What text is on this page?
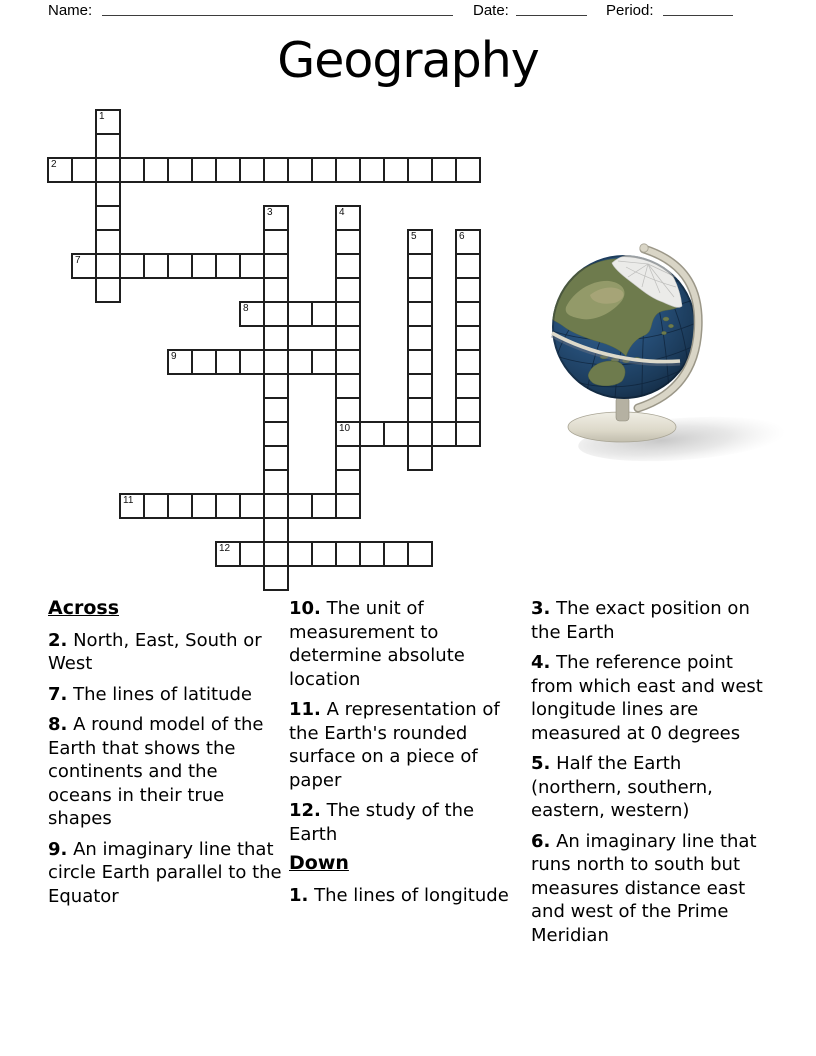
Name:	Date:	Period:
Geography
1
2
3	4
10
5	6
7
8
9
11
12
Across

2. North, East, South or West

7. The lines of latitude

8. A round model of the Earth that shows the continents and the oceans in their true shapes

9. An imaginary line that circle Earth parallel to the Equator

10. The unit of measurement to determine absolute location

11. A representation of the Earth's rounded surface on a piece of paper

12. The study of the Earth

Down

1. The lines of longitude

3. The exact position on the Earth

4. The reference point from which east and west longitude lines are measured at 0 degrees

5. Half the Earth (northern, southern, eastern, western)

6. An imaginary line that runs north to south but measures distance east and west of the Prime Meridian
